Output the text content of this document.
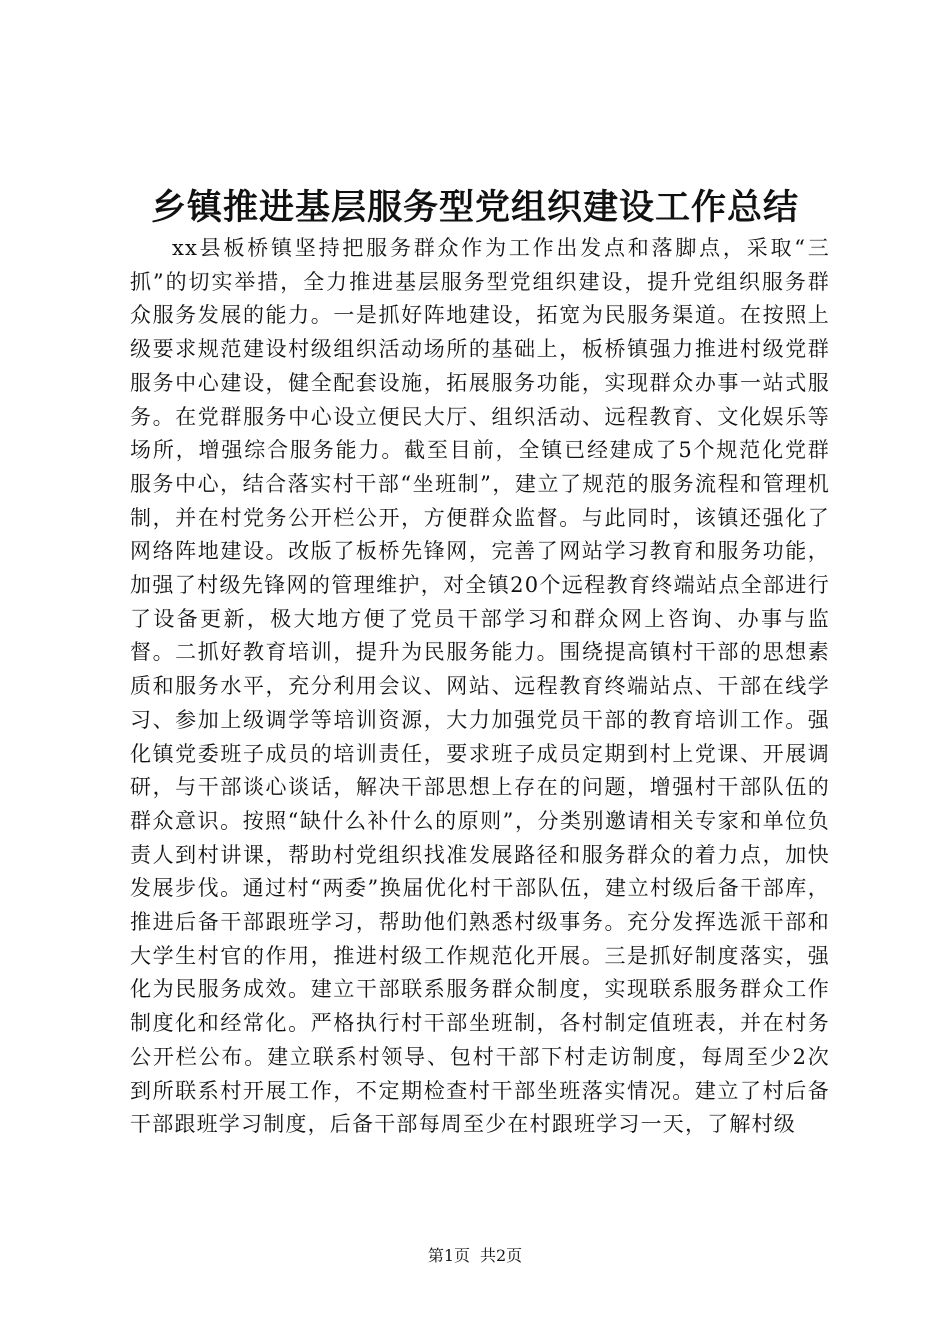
乡镇推进基层服务型党组织建设工作总结

xx县板桥镇坚持把服务群众作为工作出发点和落脚点，采取“三抓”的切实举措，全力推进基层服务型党组织建设，提升党组织服务群众服务发展的能力。一是抓好阵地建设，拓宽为民服务渠道。在按照上级要求规范建设村级组织活动场所的基础上，板桥镇强力推进村级党群服务中心建设，健全配套设施，拓展服务功能，实现群众办事一站式服务。在党群服务中心设立便民大厅、组织活动、远程教育、文化娱乐等场所，增强综合服务能力。截至目前，全镇已经建成了5个规范化党群服务中心，结合落实村干部“坐班制”，建立了规范的服务流程和管理机制，并在村党务公开栏公开，方便群众监督。与此同时，该镇还强化了网络阵地建设。改版了板桥先锋网，完善了网站学习教育和服务功能，加强了村级先锋网的管理维护，对全镇20个远程教育终端站点全部进行了设备更新，极大地方便了党员干部学习和群众网上咨询、办事与监督。二抓好教育培训，提升为民服务能力。围绕提高镇村干部的思想素质和服务水平，充分利用会议、网站、远程教育终端站点、干部在线学习、参加上级调学等培训资源，大力加强党员干部的教育培训工作。强化镇党委班子成员的培训责任，要求班子成员定期到村上党课、开展调研，与干部谈心谈话，解决干部思想上存在的问题，增强村干部队伍的群众意识。按照“缺什么补什么的原则”，分类别邀请相关专家和单位负责人到村讲课，帮助村党组织找准发展路径和服务群众的着力点，加快发展步伐。通过村“两委”换届优化村干部队伍，建立村级后备干部库，推进后备干部跟班学习，帮助他们熟悉村级事务。充分发挥选派干部和大学生村官的作用，推进村级工作规范化开展。三是抓好制度落实，强化为民服务成效。建立干部联系服务群众制度，实现联系服务群众工作制度化和经常化。严格执行村干部坐班制，各村制定值班表，并在村务公开栏公布。建立联系村领导、包村干部下村走访制度，每周至少2次到所联系村开展工作，不定期检查村干部坐班落实情况。建立了村后备干部跟班学习制度，后备干部每周至少在村跟班学习一天，了解村级

第1页 共2页
